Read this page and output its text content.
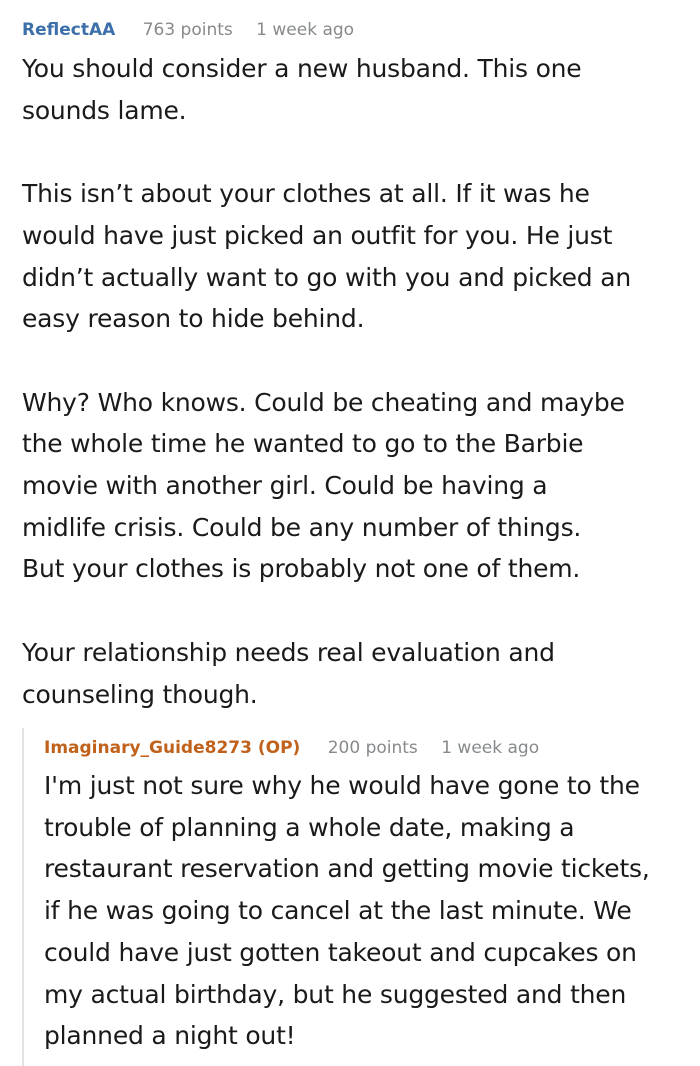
ReflectAA 763 points 1 week ago

You should consider a new husband. This one
sounds lame.

This isn’t about your clothes at all. If it was he
would have just picked an outfit for you. He just
didn’t actually want to go with you and picked an
easy reason to hide behind.

Why? Who knows. Could be cheating and maybe
the whole time he wanted to go to the Barbie
movie with another girl. Could be having a
midlife crisis. Could be any number of things.
But your clothes is probably not one of them.

Your relationship needs real evaluation and
counseling though.

Imaginary_Guide8273 (OP) 200 points 1 week ago
I'm just not sure why he would have gone to the
trouble of planning a whole date, making a
restaurant reservation and getting movie tickets,
if he was going to cancel at the last minute. We
could have just gotten takeout and cupcakes on
my actual birthday, but he suggested and then
planned a night out!
